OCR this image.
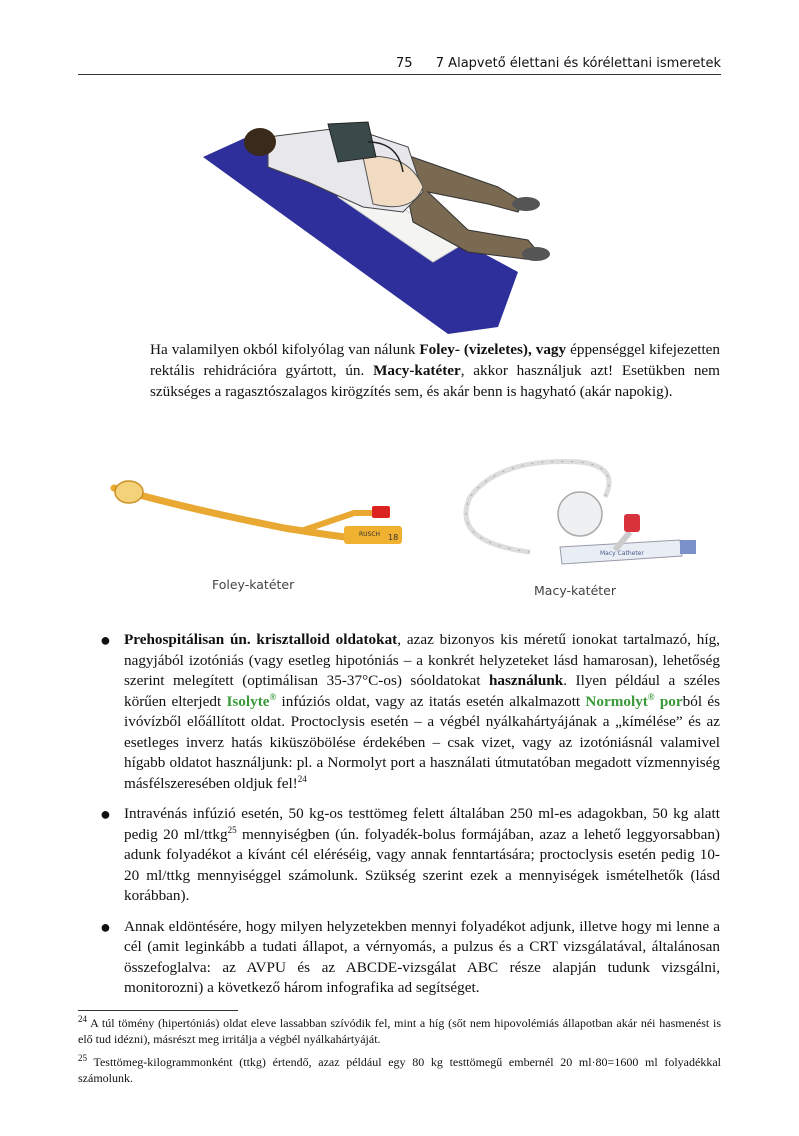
75 7 Alapvető élettani és kórélettani ismeretek

Ha valamilyen okból kifolyólag van nálunk Foley- (vizeletes), vagy éppenséggel kifejezetten rektális rehidrációra gyártott, ún. Macy-katéter, akkor használjuk azt! Esetükben nem szükséges a ragasztószalagos kirögzítés sem, és akár benn is hagyható (akár napokig).

RUSCH 18
Macy Catheter
Foley-katéter	Macy-katéter
● Prehospitálisan ún. krisztalloid oldatokat, azaz bizonyos kis méretű ionokat tartalmazó, híg, nagyjából izotóniás (vagy esetleg hipotóniás – a konkrét helyzeteket lásd hamarosan), lehetőség szerint melegített (optimálisan 35-37°C-os) sóoldatokat használunk. Ilyen például a széles körűen elterjedt Isolyte® infúziós oldat, vagy az itatás esetén alkalmazott Normolyt® porból és ivóvízből előállított oldat. Proctoclysis esetén – a végbél nyálkahártyájának a „kímélése” és az esetleges inverz hatás kiküszöbölése érdekében – csak vizet, vagy az izotóniásnál valamivel hígabb oldatot használjunk: pl. a Normolyt port a használati útmutatóban megadott vízmennyiség másfélszeresében oldjuk fel!$^{24}$
● Intravénás infúzió esetén, 50 kg-os testtömeg felett általában 250 ml-es adagokban, 50 kg alatt pedig 20 ml/ttkg$^{25}$ mennyiségben (ún. folyadék-bolus formájában, azaz a lehető leggyorsabban) adunk folyadékot a kívánt cél eléréséig, vagy annak fenntartására; proctoclysis esetén pedig 10-20 ml/ttkg mennyiséggel számolunk. Szükség szerint ezek a mennyiségek ismételhetők (lásd korábban).
● Annak eldöntésére, hogy milyen helyzetekben mennyi folyadékot adjunk, illetve hogy mi lenne a cél (amit leginkább a tudati állapot, a vérnyomás, a pulzus és a CRT vizsgálatával, általánosan összefoglalva: az AVPU és az ABCDE-vizsgálat ABC része alapján tudunk vizsgálni, monitorozni) a következő három infografika ad segítséget.

$^{24}$ A túl tömény (hipertóniás) oldat eleve lassabban szívódik fel, mint a híg (sőt nem hipovolémiás állapotban akár néi hasmenést is elő tud idézni), másrészt meg irritálja a végbél nyálkahártyáját.

$^{25}$ Testtömeg-kilogrammonként (ttkg) értendő, azaz például egy 80 kg testtömegű embernél 20 ml·80=1600 ml folyadékkal számolunk.
